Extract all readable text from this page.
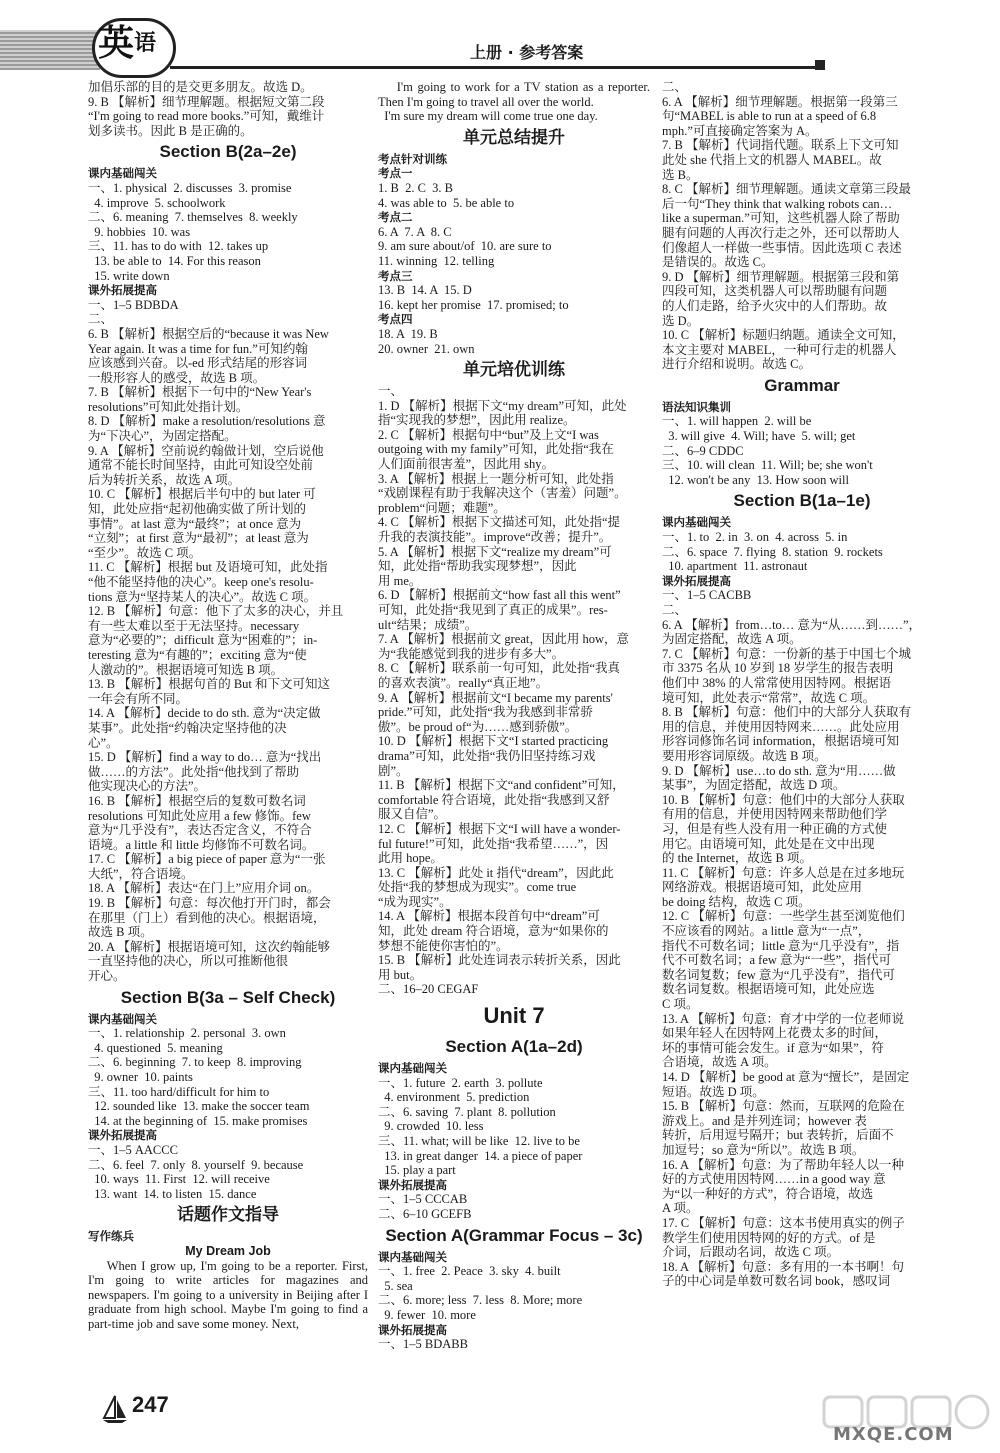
英$^语$	上册 · 参考答案
加倡乐部的目的是交更多朋友。故选 D。
9. B 【解析】细节理解题。根据短文第二段
“I'm going to read more books.”可知，戴维计
划多读书。因此 B 是正确的。
Section B(2a–2e)
课内基础闯关
一、1. physical  2. discusses  3. promise
4. improve  5. schoolwork
二、6. meaning  7. themselves  8. weekly
9. hobbies  10. was
三、11. has to do with  12. takes up
13. be able to  14. For this reason
15. write down
课外拓展提高
一、1–5 BDBDA
二、
6. B 【解析】根据空后的“because it was New
Year again. It was a time for fun.”可知约翰
应该感到兴奋。以-ed 形式结尾的形容词
一般形容人的感受，故选 B 项。
7. B 【解析】根据下一句中的“New Year's
resolutions”可知此处指计划。
8. D 【解析】make a resolution/resolutions 意
为“下决心”，为固定搭配。
9. A 【解析】空前说约翰做计划，空后说他
通常不能长时间坚持，由此可知设空处前
后为转折关系，故选 A 项。
10. C 【解析】根据后半句中的 but later 可
知，此处应指“起初他确实做了所计划的
事情”。at last 意为“最终”；at once 意为
“立刻”；at first 意为“最初”；at least 意为
“至少”。故选 C 项。
11. C 【解析】根据 but 及语境可知，此处指
“他不能坚持他的决心”。keep one's resolu-
tions 意为“坚持某人的决心”。故选 C 项。
12. B 【解析】句意：他下了太多的决心，并且
有一些太难以至于无法坚持。necessary
意为“必要的”；difficult 意为“困难的”；in-
teresting 意为“有趣的”；exciting 意为“使
人激动的”。根据语境可知选 B 项。
13. B 【解析】根据句首的 But 和下文可知这
一年会有所不同。
14. A 【解析】decide to do sth. 意为“决定做
某事”。此处指“约翰决定坚持他的决
心”。
15. D 【解析】find a way to do… 意为“找出
做……的方法”。此处指“他找到了帮助
他实现决心的方法”。
16. B 【解析】根据空后的复数可数名词
resolutions 可知此处应用 a few 修饰。few
意为“几乎没有”，表达否定含义，不符合
语境。a little 和 little 均修饰不可数名词。
17. C 【解析】a big piece of paper 意为“一张
大纸”，符合语境。
18. A 【解析】表达“在门上”应用介词 on。
19. B 【解析】句意：每次他打开门时，都会
在那里（门上）看到他的决心。根据语境，
故选 B 项。
20. A 【解析】根据语境可知，这次约翰能够
一直坚持他的决心，所以可推断他很
开心。
Section B(3a – Self Check)
课内基础闯关
一、1. relationship  2. personal  3. own
4. questioned  5. meaning
二、6. beginning  7. to keep  8. improving
9. owner  10. paints
三、11. too hard/difficult for him to
12. sounded like  13. make the soccer team
14. at the beginning of  15. make promises
课外拓展提高
一、1–5 AACCC
二、6. feel  7. only  8. yourself  9. because
10. ways  11. First  12. will receive
13. want  14. to listen  15. dance
话题作文指导
写作练兵
My Dream Job
When I grow up, I'm going to be a reporter. First, I'm going to write articles for magazines and newspapers. I'm going to a university in Beijing after I graduate from high school. Maybe I'm going to find a part-time job and save some money. Next,
I'm going to work for a TV station as a reporter. Then I'm going to travel all over the world.
I'm sure my dream will come true one day.
单元总结提升
考点针对训练
考点一
1. B  2. C  3. B
4. was able to  5. be able to
考点二
6. A  7. A  8. C
9. am sure about/of  10. are sure to
11. winning  12. telling
考点三
13. B  14. A  15. D
16. kept her promise  17. promised; to
考点四
18. A  19. B
20. owner  21. own
单元培优训练
一、
1. D 【解析】根据下文“my dream”可知，此处
指“实现我的梦想”，因此用 realize。
2. C 【解析】根据句中“but”及上文“I was
outgoing with my family”可知，此处指“我在
人们面前很害羞”，因此用 shy。
3. A 【解析】根据上一题分析可知，此处指
“戏剧课程有助于我解决这个（害羞）问题”。
problem“问题；难题”。
4. C 【解析】根据下文描述可知，此处指“提
升我的表演技能”。improve“改善；提升”。
5. A 【解析】根据下文“realize my dream”可
知，此处指“帮助我实现梦想”，因此
用 me。
6. D 【解析】根据前文“how fast all this went”
可知，此处指“我见到了真正的成果”。res-
ult“结果；成绩”。
7. A 【解析】根据前文 great，因此用 how，意
为“我能感觉到我的进步有多大”。
8. C 【解析】联系前一句可知，此处指“我真
的喜欢表演”。really“真正地”。
9. A 【解析】根据前文“I became my parents'
pride.”可知，此处指“我为我感到非常骄
傲”。be proud of“为……感到骄傲”。
10. D 【解析】根据下文“I started practicing
drama”可知，此处指“我仍旧坚持练习戏
剧”。
11. B 【解析】根据下文“and confident”可知，
comfortable 符合语境，此处指“我感到又舒
服又自信”。
12. C 【解析】根据下文“I will have a wonder-
ful future!”可知，此处指“我希望……”，因
此用 hope。
13. C 【解析】此处 it 指代“dream”，因此此
处指“我的梦想成为现实”。come true
“成为现实”。
14. A 【解析】根据本段首句中“dream”可
知，此处 dream 符合语境，意为“如果你的
梦想不能使你害怕的”。
15. B 【解析】此处连词表示转折关系，因此
用 but。
二、16–20 CEGAF
Unit 7
Section A(1a–2d)
课内基础闯关
一、1. future  2. earth  3. pollute
4. environment  5. prediction
二、6. saving  7. plant  8. pollution
9. crowded  10. less
三、11. what; will be like  12. live to be
13. in great danger  14. a piece of paper
15. play a part
课外拓展提高
一、1–5 CCCAB
二、6–10 GCEFB
Section A(Grammar Focus – 3c)
课内基础闯关
一、1. free  2. Peace  3. sky  4. built
5. sea
二、6. more; less  7. less  8. More; more
9. fewer  10. more
课外拓展提高
一、1–5 BDABB
二、
6. A 【解析】细节理解题。根据第一段第三
句“MABEL is able to run at a speed of 6.8
mph.”可直接确定答案为 A。
7. B 【解析】代词指代题。联系上下文可知
此处 she 代指上文的机器人 MABEL。故
选 B。
8. C 【解析】细节理解题。通读文章第三段最
后一句“They think that walking robots can…
like a superman.”可知，这些机器人除了帮助
腿有问题的人再次行走之外，还可以帮助人
们像超人一样做一些事情。因此选项 C 表述
是错误的。故选 C。
9. D 【解析】细节理解题。根据第三段和第
四段可知，这类机器人可以帮助腿有问题
的人们走路，给予火灾中的人们帮助。故
选 D。
10. C 【解析】标题归纳题。通读全文可知，
本文主要对 MABEL，一种可行走的机器人
进行介绍和说明。故选 C。
Grammar
语法知识集训
一、1. will happen  2. will be
3. will give  4. Will; have  5. will; get
二、6–9 CDDC
三、10. will clean  11. Will; be; she won't
12. won't be any  13. How soon will
Section B(1a–1e)
课内基础闯关
一、1. to  2. in  3. on  4. across  5. in
二、6. space  7. flying  8. station  9. rockets
10. apartment  11. astronaut
课外拓展提高
一、1–5 CACBB
二、
6. A 【解析】from…to… 意为“从……到……”，
为固定搭配，故选 A 项。
7. C 【解析】句意：一份新的基于中国七个城
市 3375 名从 10 岁到 18 岁学生的报告表明
他们中 38% 的人常常使用因特网。根据语
境可知，此处表示“常常”，故选 C 项。
8. B 【解析】句意：他们中的大部分人获取有
用的信息，并使用因特网来……。此处应用
形容词修饰名词 information，根据语境可知
要用形容词原级。故选 B 项。
9. D 【解析】use…to do sth. 意为“用……做
某事”，为固定搭配，故选 D 项。
10. B 【解析】句意：他们中的大部分人获取
有用的信息，并使用因特网来帮助他们学
习，但是有些人没有用一种正确的方式使
用它。由语境可知，此处是在文中出现
的 the Internet，故选 B 项。
11. C 【解析】句意：许多人总是在过多地玩
网络游戏。根据语境可知，此处应用
be doing 结构，故选 C 项。
12. C 【解析】句意：一些学生甚至浏览他们
不应该看的网站。a little 意为“一点”，
指代不可数名词；little 意为“几乎没有”，指
代不可数名词；a few 意为“一些”，指代可
数名词复数；few 意为“几乎没有”，指代可
数名词复数。根据语境可知，此处应选
C 项。
13. A 【解析】句意：育才中学的一位老师说
如果年轻人在因特网上花费太多的时间，
坏的事情可能会发生。if 意为“如果”，符
合语境，故选 A 项。
14. D 【解析】be good at 意为“擅长”，是固定
短语。故选 D 项。
15. B 【解析】句意：然而，互联网的危险在
游戏上。and 是并列连词；however 表
转折，后用逗号隔开；but 表转折，后面不
加逗号；so 意为“所以”。故选 B 项。
16. A 【解析】句意：为了帮助年轻人以一种
好的方式使用因特网……in a good way 意
为“以一种好的方式”，符合语境，故选
A 项。
17. C 【解析】句意：这本书使用真实的例子
教学生们使用因特网的好的方式。of 是
介词，后跟动名词，故选 C 项。
18. A 【解析】句意：多有用的一本书啊！句
子的中心词是单数可数名词 book，感叹词
247
MXQE.COM
